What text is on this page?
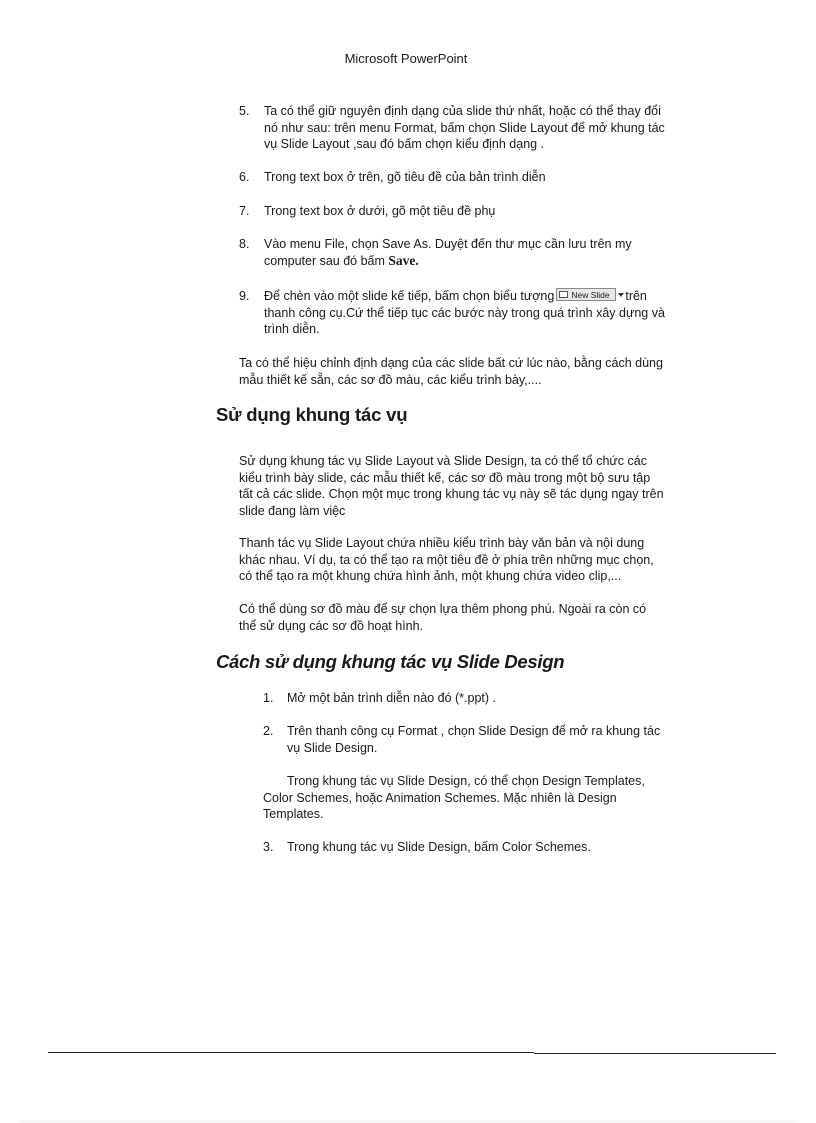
Microsoft PowerPoint
5.	Ta có thể giữ nguyên định dạng của slide thứ nhất, hoặc có thể thay đổi
nó như sau: trên menu Format, bấm chọn Slide Layout để mở khung tác
vụ Slide Layout ,sau đó bấm chọn kiểu định dạng .
6.	Trong text box ở trên, gõ tiêu đề của bản trình diễn
7.	Trong text box ở dưới, gõ một tiêu đề phụ
8.	Vào menu File, chọn Save As. Duyệt đến thư mục cần lưu trên my
computer sau đó bấm Save.
9.	Để chèn vào một slide kế tiếp, bấm chọn biểu tượng New Slide trên
thanh công cụ.Cứ thể tiếp tục các bước này trong quá trình xây dựng và
trình diễn.
Ta có thể hiệu chỉnh định dạng của các slide bất cứ lúc nào, bằng cách dùng
mẫu thiết kế sẵn, các sơ đồ màu, các kiểu trình bày,....
Sử dụng khung tác vụ
Sử dụng khung tác vụ Slide Layout và Slide Design, ta có thể tổ chức các
kiểu trình bày slide, các mẫu thiết kế, các sơ đồ màu trong một bộ sưu tập
tất cả các slide. Chọn một mục trong khung tác vụ này sẽ tác dụng ngay trên
slide đang làm việc
Thanh tác vụ Slide Layout chứa nhiều kiểu trình bày văn bản và nội dung
khác nhau. Ví dụ, ta có thể tạo ra một tiêu đề ở phía trên những mục chọn,
có thể tạo ra một khung chứa hình ảnh, một khung chứa video clip,...
Có thể dùng sơ đồ màu để sự chọn lựa thêm phong phú. Ngoài ra còn có
thể sử dụng các sơ đồ hoạt hình.
Cách sử dụng khung tác vụ Slide Design
1.	Mở một bản trình diễn nào đó (*.ppt) .
2.	Trên thanh công cụ Format , chọn Slide Design để mở ra khung tác
vụ Slide Design.
Trong khung tác vụ Slide Design, có thể chọn Design Templates,
Color Schemes, hoặc Animation Schemes. Mặc nhiên là Design
Templates.
3.	Trong khung tác vụ Slide Design, bấm Color Schemes.
